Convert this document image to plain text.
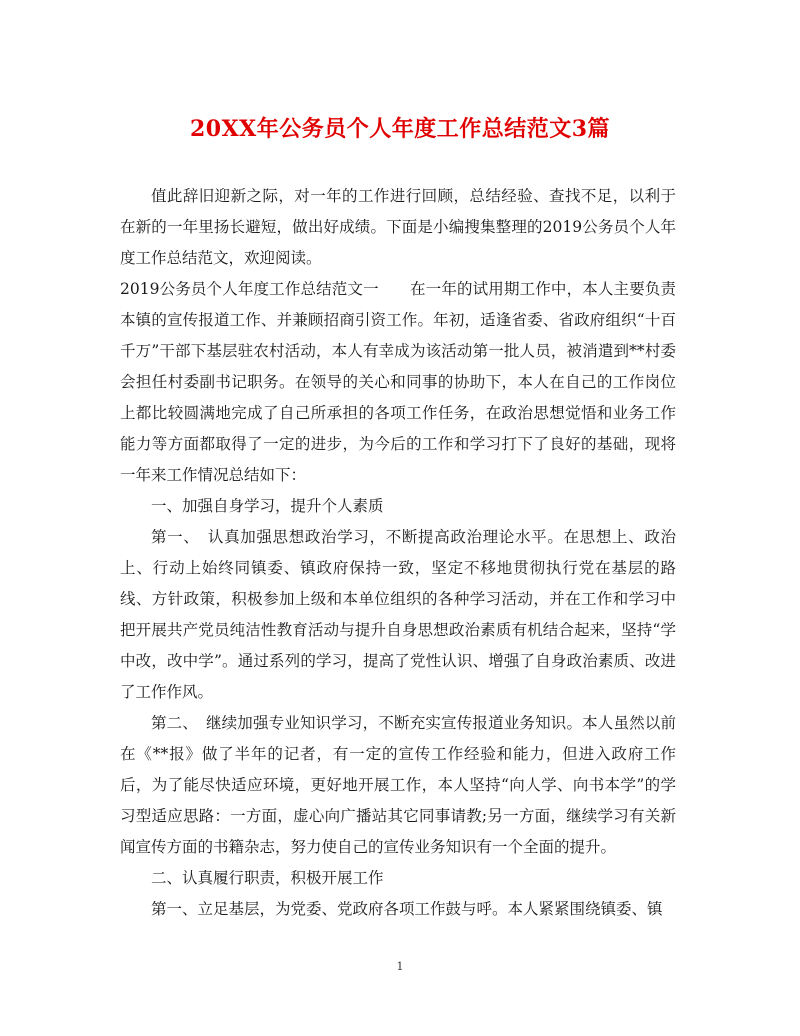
20XX年公务员个人年度工作总结范文3篇

值此辞旧迎新之际，对一年的工作进行回顾，总结经验、查找不足，以利于在新的一年里扬长避短，做出好成绩。下面是小编搜集整理的2019公务员个人年度工作总结范文，欢迎阅读。

2019公务员个人年度工作总结范文一　　在一年的试用期工作中，本人主要负责本镇的宣传报道工作、并兼顾招商引资工作。年初，适逢省委、省政府组织“十百千万”干部下基层驻农村活动，本人有幸成为该活动第一批人员，被消遣到**村委会担任村委副书记职务。在领导的关心和同事的协助下，本人在自己的工作岗位上都比较圆满地完成了自己所承担的各项工作任务，在政治思想觉悟和业务工作能力等方面都取得了一定的进步，为今后的工作和学习打下了良好的基础，现将一年来工作情况总结如下：

一、加强自身学习，提升个人素质

第一、　认真加强思想政治学习，不断提高政治理论水平。在思想上、政治上、行动上始终同镇委、镇政府保持一致，坚定不移地贯彻执行党在基层的路线、方针政策，积极参加上级和本单位组织的各种学习活动，并在工作和学习中把开展共产党员纯洁性教育活动与提升自身思想政治素质有机结合起来，坚持“学中改，改中学”。通过系列的学习，提高了党性认识、增强了自身政治素质、改进了工作作风。

第二、　继续加强专业知识学习，不断充实宣传报道业务知识。本人虽然以前在《**报》做了半年的记者，有一定的宣传工作经验和能力，但进入政府工作后，为了能尽快适应环境，更好地开展工作，本人坚持“向人学、向书本学”的学习型适应思路：一方面，虚心向广播站其它同事请教;另一方面，继续学习有关新闻宣传方面的书籍杂志，努力使自己的宣传业务知识有一个全面的提升。

二、认真履行职责，积极开展工作

第一、立足基层，为党委、党政府各项工作鼓与呼。本人紧紧围绕镇委、镇

1
